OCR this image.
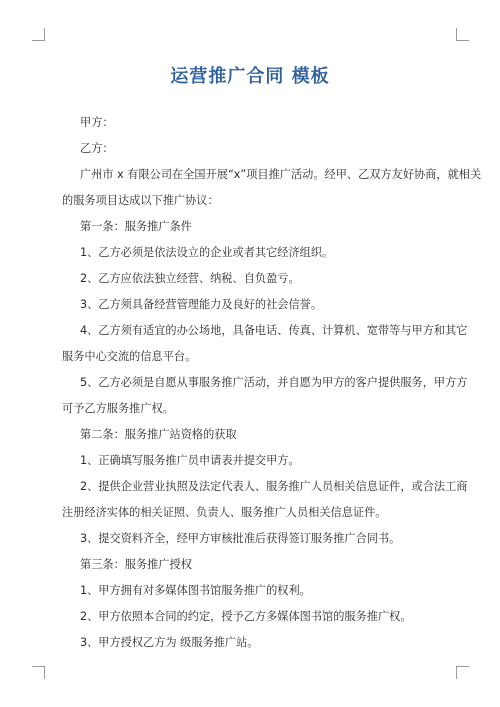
运营推广合同 模板
甲方：
乙方：
广州市 x 有限公司在全国开展“x”项目推广活动。经甲、乙双方友好协商，就相关
的服务项目达成以下推广协议：
第一条：服务推广条件
1、乙方必须是依法设立的企业或者其它经济组织。
2、乙方应依法独立经营、纳税、自负盈亏。
3、乙方须具备经营管理能力及良好的社会信誉。
4、乙方须有适宜的办公场地，具备电话、传真、计算机、宽带等与甲方和其它
服务中心交流的信息平台。
5、乙方必须是自愿从事服务推广活动，并自愿为甲方的客户提供服务，甲方方
可予乙方服务推广权。
第二条：服务推广站资格的获取
1、正确填写服务推广员申请表并提交甲方。
2、提供企业营业执照及法定代表人、服务推广人员相关信息证件，或合法工商
注册经济实体的相关证照、负责人、服务推广人员相关信息证件。
3、提交资料齐全，经甲方审核批准后获得签订服务推广合同书。
第三条：服务推广授权
1、甲方拥有对多媒体图书馆服务推广的权利。
2、甲方依照本合同的约定，授予乙方多媒体图书馆的服务推广权。
3、甲方授权乙方为 级服务推广站。
